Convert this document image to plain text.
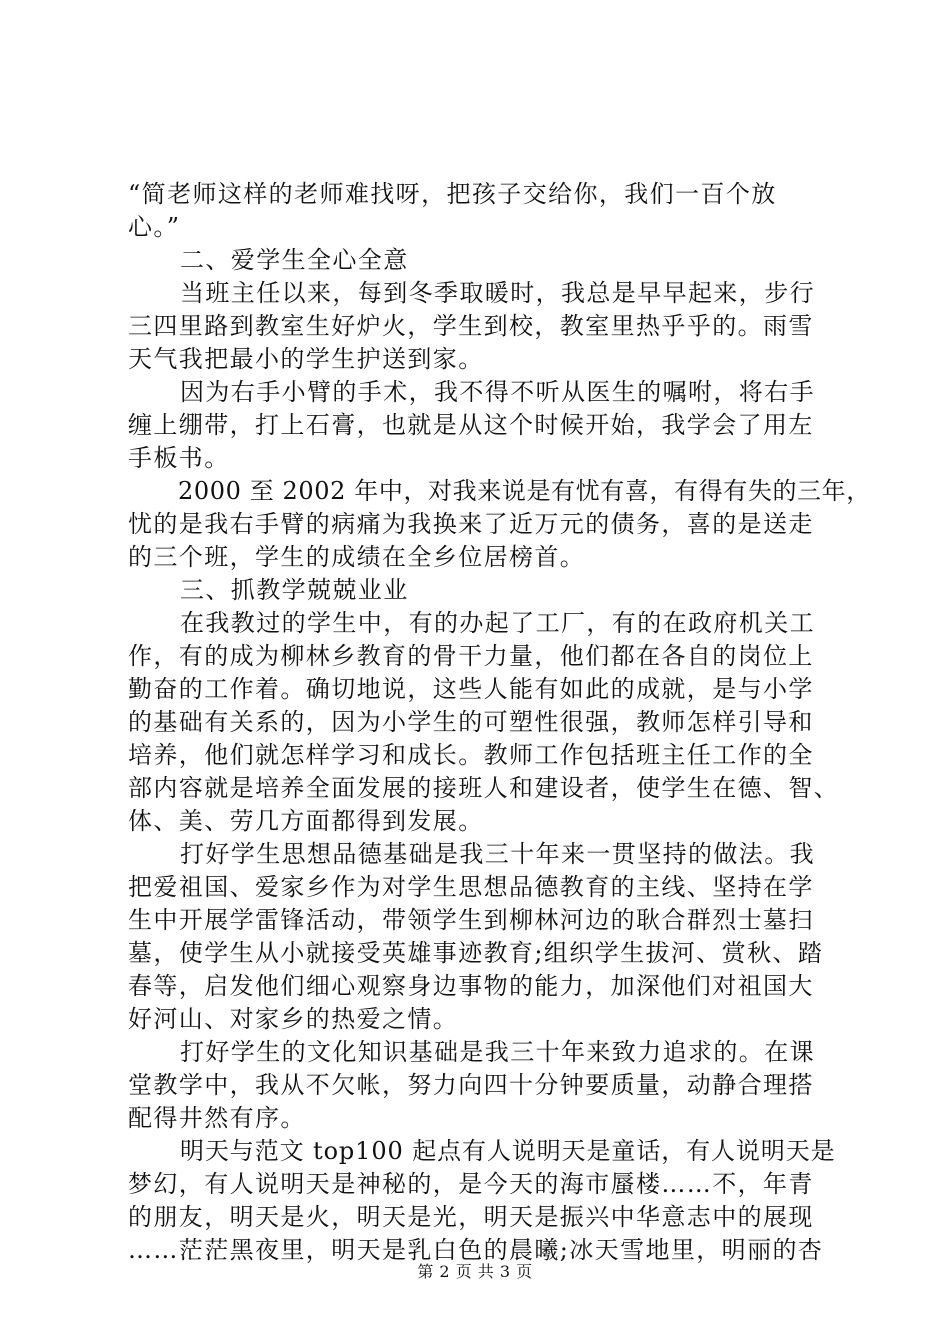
“简老师这样的老师难找呀，把孩子交给你，我们一百个放
心。”
二、爱学生全心全意
当班主任以来，每到冬季取暖时，我总是早早起来，步行
三四里路到教室生好炉火，学生到校，教室里热乎乎的。雨雪
天气我把最小的学生护送到家。
因为右手小臂的手术，我不得不听从医生的嘱咐，将右手
缠上绷带，打上石膏，也就是从这个时候开始，我学会了用左
手板书。
2000 至 2002 年中，对我来说是有忧有喜，有得有失的三年，
忧的是我右手臂的病痛为我换来了近万元的债务，喜的是送走
的三个班，学生的成绩在全乡位居榜首。
三、抓教学兢兢业业
在我教过的学生中，有的办起了工厂，有的在政府机关工
作，有的成为柳林乡教育的骨干力量，他们都在各自的岗位上
勤奋的工作着。确切地说，这些人能有如此的成就，是与小学
的基础有关系的，因为小学生的可塑性很强，教师怎样引导和
培养，他们就怎样学习和成长。教师工作包括班主任工作的全
部内容就是培养全面发展的接班人和建设者，使学生在德、智、
体、美、劳几方面都得到发展。
打好学生思想品德基础是我三十年来一贯坚持的做法。我
把爱祖国、爱家乡作为对学生思想品德教育的主线、坚持在学
生中开展学雷锋活动，带领学生到柳林河边的耿合群烈士墓扫
墓，使学生从小就接受英雄事迹教育;组织学生拔河、赏秋、踏
春等，启发他们细心观察身边事物的能力，加深他们对祖国大
好河山、对家乡的热爱之情。
打好学生的文化知识基础是我三十年来致力追求的。在课
堂教学中，我从不欠帐，努力向四十分钟要质量，动静合理搭
配得井然有序。
明天与范文 top100 起点有人说明天是童话，有人说明天是
梦幻，有人说明天是神秘的，是今天的海市蜃楼……不，年青
的朋友，明天是火，明天是光，明天是振兴中华意志中的展现
……茫茫黑夜里，明天是乳白色的晨曦;冰天雪地里，明丽的杏
第 2 页 共 3 页
